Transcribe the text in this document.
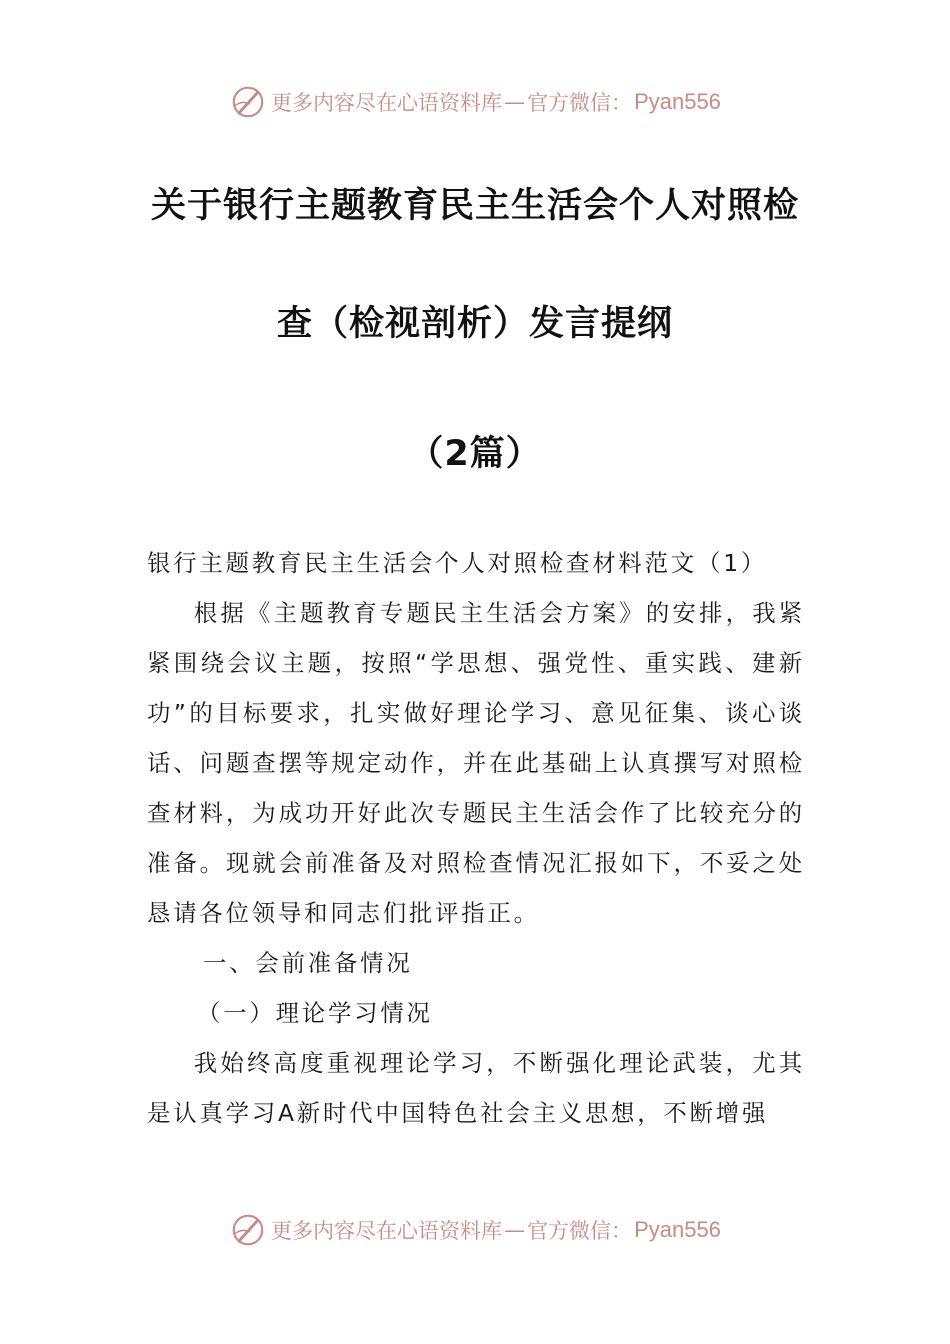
更多内容尽在心语资料库 — 官方微信： Pyan556
关于银行主题教育民主生活会个人对照检
查（检视剖析）发言提纲
（2篇）

银行主题教育民主生活会个人对照检查材料范文（1）

根据《主题教育专题民主生活会方案》的安排，我紧紧围绕会议主题，按照“学思想、强党性、重实践、建新功”的目标要求，扎实做好理论学习、意见征集、谈心谈话、问题查摆等规定动作，并在此基础上认真撰写对照检查材料，为成功开好此次专题民主生活会作了比较充分的准备。现就会前准备及对照检查情况汇报如下，不妥之处恳请各位领导和同志们批评指正。

一、会前准备情况

（一）理论学习情况

我始终高度重视理论学习，不断强化理论武装，尤其是认真学习A新时代中国特色社会主义思想，不断增强

更多内容尽在心语资料库 — 官方微信： Pyan556
